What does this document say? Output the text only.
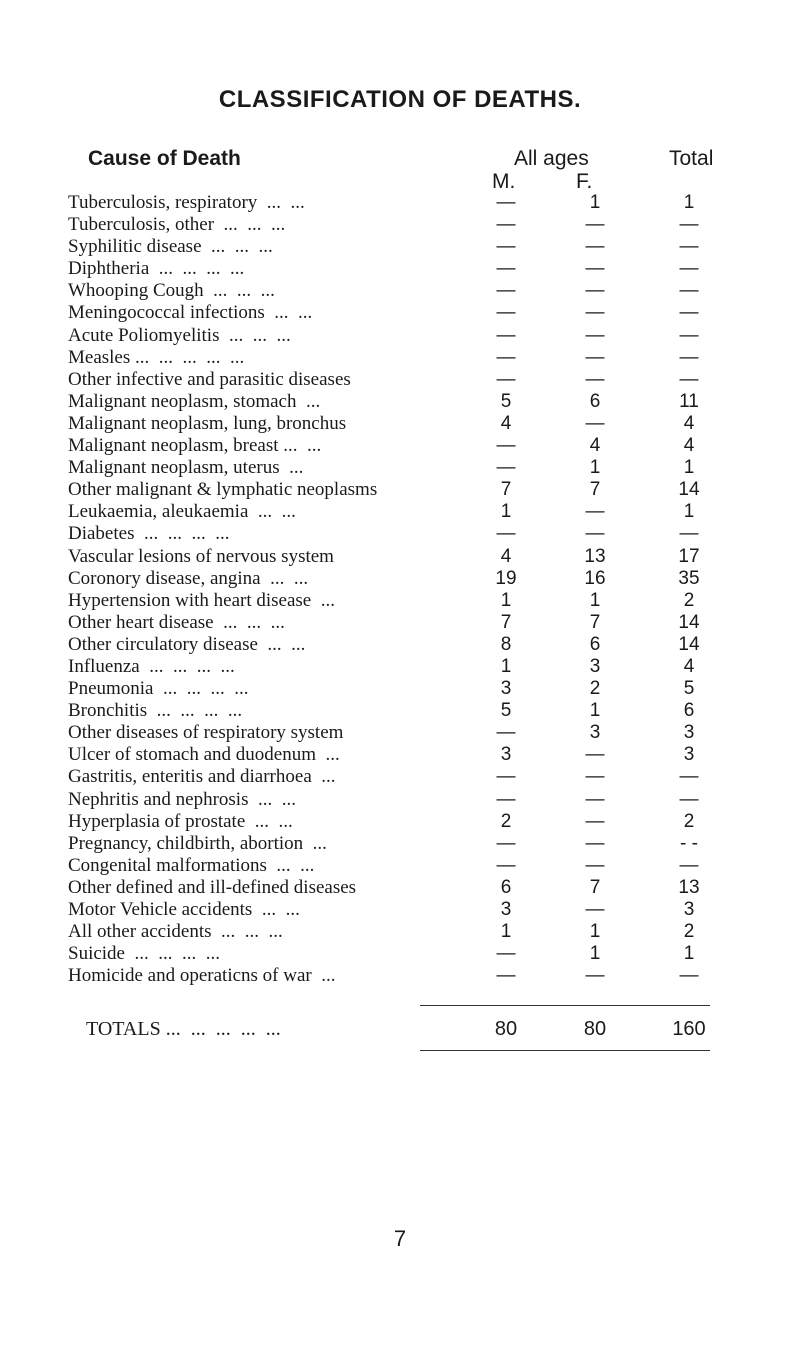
CLASSIFICATION OF DEATHS.
Cause of Death	All ages	Total
M.	F.
Tuberculosis, respiratory  ...  ...	—	1	1
Tuberculosis, other  ...  ...  ...	—	—	—
Syphilitic disease  ...  ...  ...	—	—	—
Diphtheria  ...  ...  ...  ...	—	—	—
Whooping Cough  ...  ...  ...	—	—	—
Meningococcal infections  ...  ...	—	—	—
Acute Poliomyelitis  ...  ...  ...	—	—	—
Measles ...  ...  ...  ...  ...	—	—	—
Other infective and parasitic diseases	—	—	—
Malignant neoplasm, stomach  ...	5	6	11
Malignant neoplasm, lung, bronchus	4	—	4
Malignant neoplasm, breast ...  ...	—	4	4
Malignant neoplasm, uterus  ...	—	1	1
Other malignant & lymphatic neoplasms	7	7	14
Leukaemia, aleukaemia  ...  ...	1	—	1
Diabetes  ...  ...  ...  ...	—	—	—
Vascular lesions of nervous system	4	13	17
Coronory disease, angina  ...  ...	19	16	35
Hypertension with heart disease  ...	1	1	2
Other heart disease  ...  ...  ...	7	7	14
Other circulatory disease  ...  ...	8	6	14
Influenza  ...  ...  ...  ...	1	3	4
Pneumonia  ...  ...  ...  ...	3	2	5
Bronchitis  ...  ...  ...  ...	5	1	6
Other diseases of respiratory system	—	3	3
Ulcer of stomach and duodenum  ...	3	—	3
Gastritis, enteritis and diarrhoea  ...	—	—	—
Nephritis and nephrosis  ...  ...	—	—	—
Hyperplasia of prostate  ...  ...	2	—	2
Pregnancy, childbirth, abortion  ...	—	—	- -
Congenital malformations  ...  ...	—	—	—
Other defined and ill-defined diseases	6	7	13
Motor Vehicle accidents  ...  ...	3	—	3
All other accidents  ...  ...  ...	1	1	2
Suicide  ...  ...  ...  ...	—	1	1
Homicide and operaticns of war  ...	—	—	—
TOTALS ...  ...  ...  ...  ...	80	80	160
7
